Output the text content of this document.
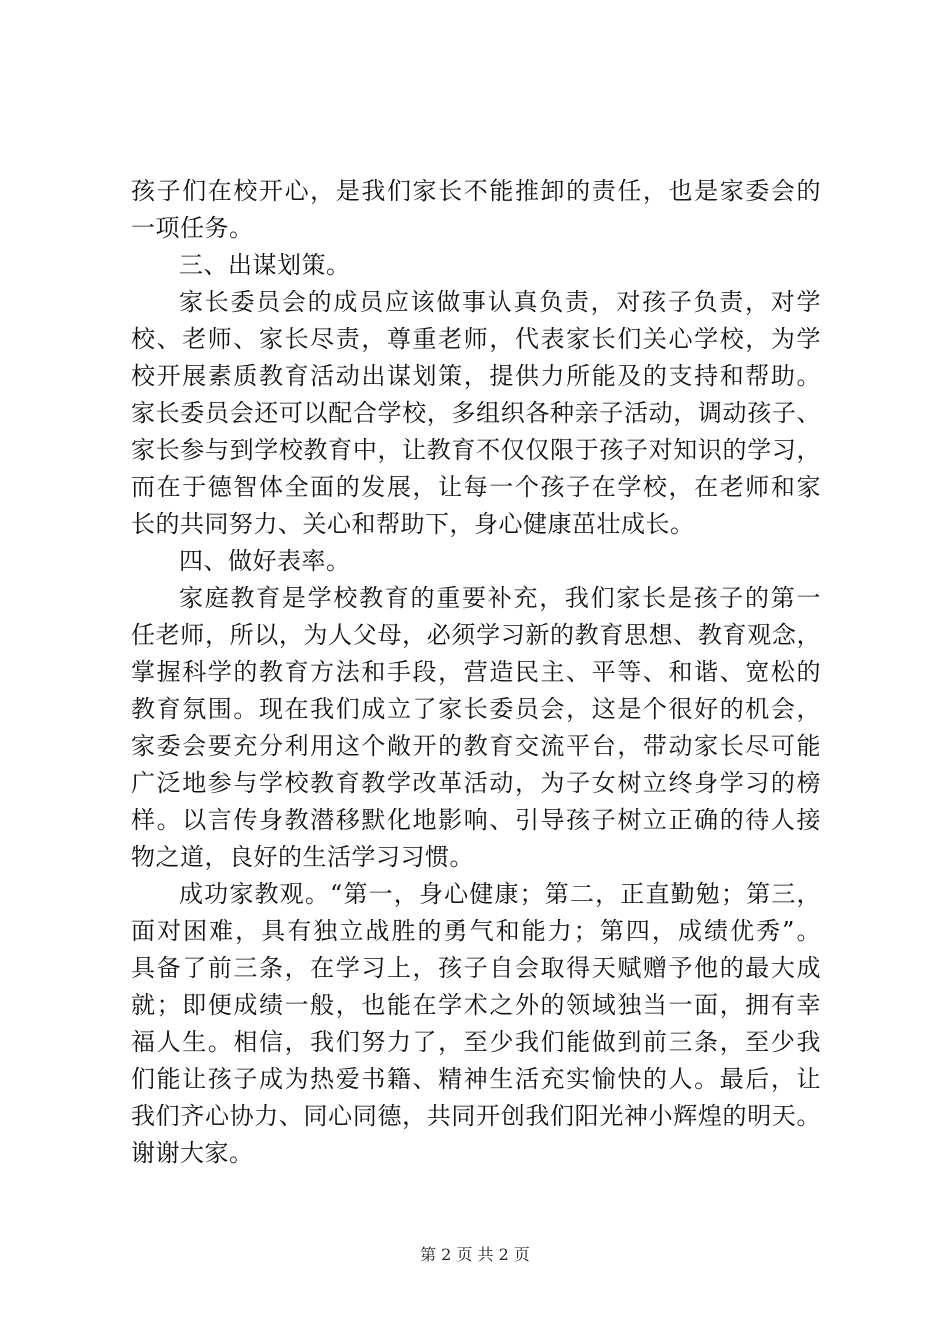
孩子们在校开心，是我们家长不能推卸的责任，也是家委会的
一项任务。
三、出谋划策。
家长委员会的成员应该做事认真负责，对孩子负责，对学
校、老师、家长尽责，尊重老师，代表家长们关心学校，为学
校开展素质教育活动出谋划策，提供力所能及的支持和帮助。
家长委员会还可以配合学校，多组织各种亲子活动，调动孩子、
家长参与到学校教育中，让教育不仅仅限于孩子对知识的学习，
而在于德智体全面的发展，让每一个孩子在学校，在老师和家
长的共同努力、关心和帮助下，身心健康茁壮成长。
四、做好表率。
家庭教育是学校教育的重要补充，我们家长是孩子的第一
任老师，所以，为人父母，必须学习新的教育思想、教育观念，
掌握科学的教育方法和手段，营造民主、平等、和谐、宽松的
教育氛围。现在我们成立了家长委员会，这是个很好的机会，
家委会要充分利用这个敞开的教育交流平台，带动家长尽可能
广泛地参与学校教育教学改革活动，为子女树立终身学习的榜
样。以言传身教潜移默化地影响、引导孩子树立正确的待人接
物之道，良好的生活学习习惯。
成功家教观。“第一，身心健康；第二，正直勤勉；第三，
面对困难，具有独立战胜的勇气和能力；第四，成绩优秀”。
具备了前三条，在学习上，孩子自会取得天赋赠予他的最大成
就；即便成绩一般，也能在学术之外的领域独当一面，拥有幸
福人生。相信，我们努力了，至少我们能做到前三条，至少我
们能让孩子成为热爱书籍、精神生活充实愉快的人。最后，让
我们齐心协力、同心同德，共同开创我们阳光神小辉煌的明天。
谢谢大家。
第 2 页 共 2 页
